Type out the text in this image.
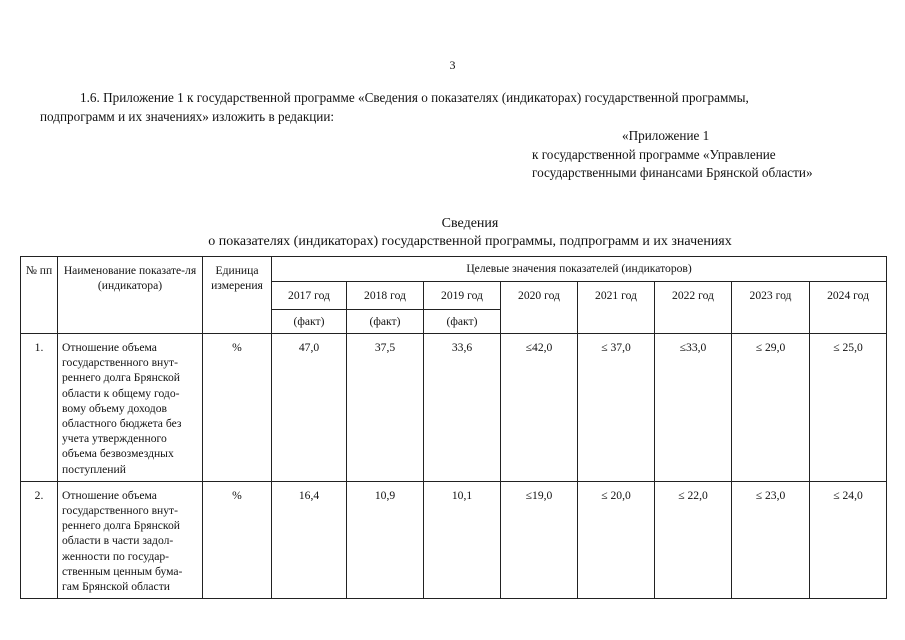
3
1.6. Приложение 1 к государственной программе «Сведения о показателях (индикаторах) государственной программы,
подпрограмм и их значениях» изложить в редакции:
«Приложение 1
к государственной программе «Управление
государственными финансами Брянской области»
Сведения
о показателях (индикаторах) государственной программы, подпрограмм и их значениях
№ пп	Наименование показате-ля (индикатора)	Единица измерения	Целевые значения показателей (индикаторов)							
			2017 год	2018 год	2019 год	2020 год	2021 год	2022 год	2023 год	2024 год
			(факт)	(факт)	(факт)					
1.	Отношение объема государственного внут-реннего долга Брянской области к общему годо-вому объему доходов областного бюджета без учета утвержденного объема безвозмездных поступлений	%	47,0	37,5	33,6	≤42,0	≤ 37,0	≤33,0	≤ 29,0	≤ 25,0
2.	Отношение объема государственного внут-реннего долга Брянской области в части задол-женности по государ-ственным ценным бума-гам Брянской области	%	16,4	10,9	10,1	≤19,0	≤ 20,0	≤ 22,0	≤ 23,0	≤ 24,0
